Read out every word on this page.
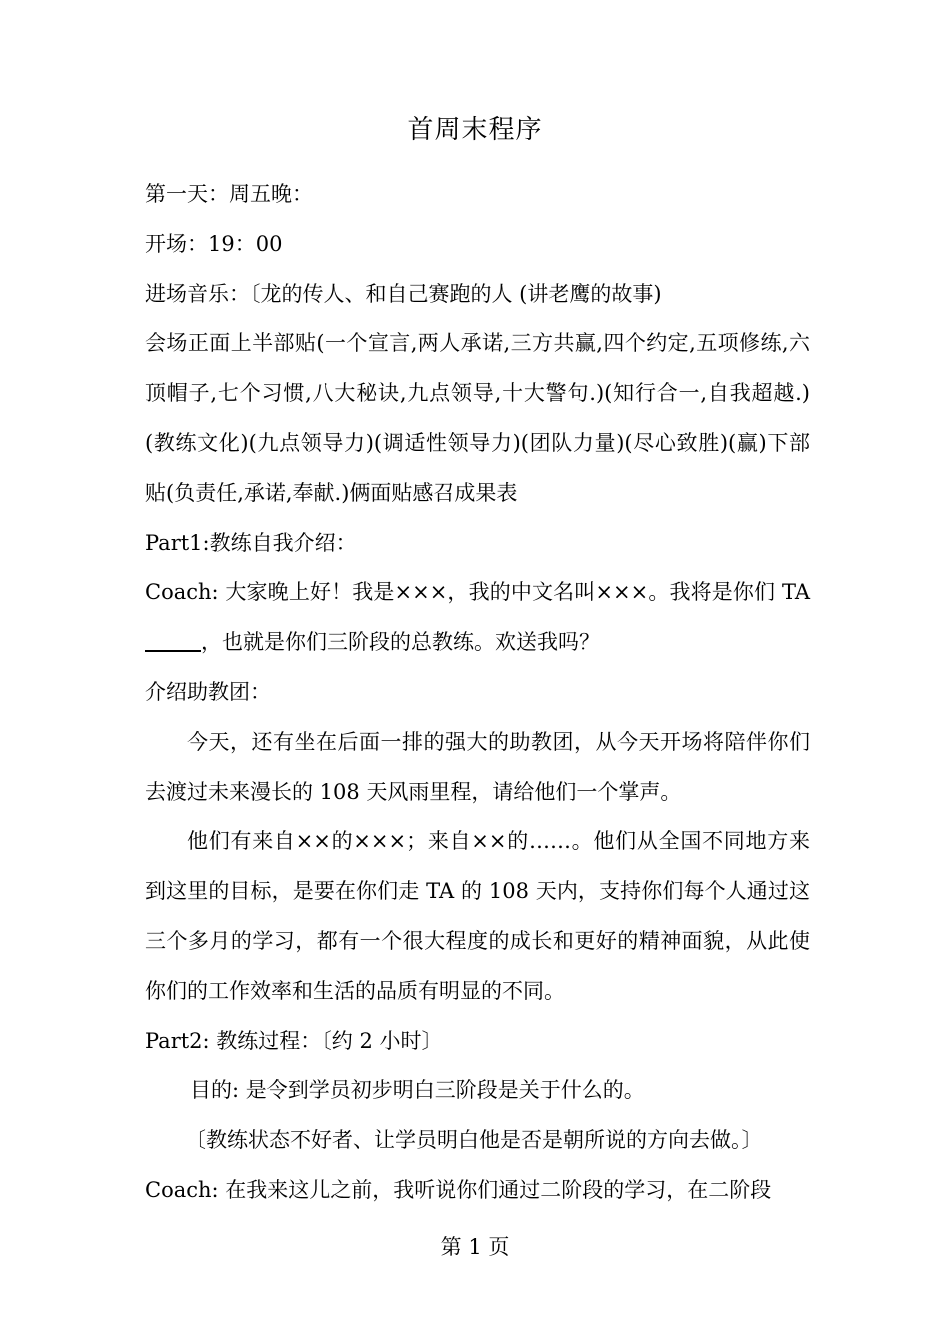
首周末程序

第一天：周五晚：

开场：19：00

进场音乐：〔龙的传人、和自己赛跑的人 (讲老鹰的故事)

会场正面上半部贴(一个宣言,两人承诺,三方共赢,四个约定,五项修练,六顶帽子,七个习惯,八大秘诀,九点领导,十大警句.)(知行合一,自我超越.)(教练文化)(九点领导力)(调适性领导力)(团队力量)(尽心致胜)(赢)下部贴(负责任,承诺,奉献.)俩面贴感召成果表

Part1:教练自我介绍：

Coach: 大家晚上好！我是×××，我的中文名叫×××。我将是你们 TA，也就是你们三阶段的总教练。欢送我吗？

介绍助教团：

今天，还有坐在后面一排的强大的助教团，从今天开场将陪伴你们去渡过未来漫长的 108 天风雨里程，请给他们一个掌声。

他们有来自××的×××；来自××的……。他们从全国不同地方来到这里的目标，是要在你们走 TA 的 108 天内，支持你们每个人通过这三个多月的学习，都有一个很大程度的成长和更好的精神面貌，从此使你们的工作效率和生活的品质有明显的不同。

Part2: 教练过程：〔约 2 小时〕

目的: 是令到学员初步明白三阶段是关于什么的。

〔教练状态不好者、让学员明白他是否是朝所说的方向去做。〕

Coach: 在我来这儿之前，我听说你们通过二阶段的学习，在二阶段

第 1 页
